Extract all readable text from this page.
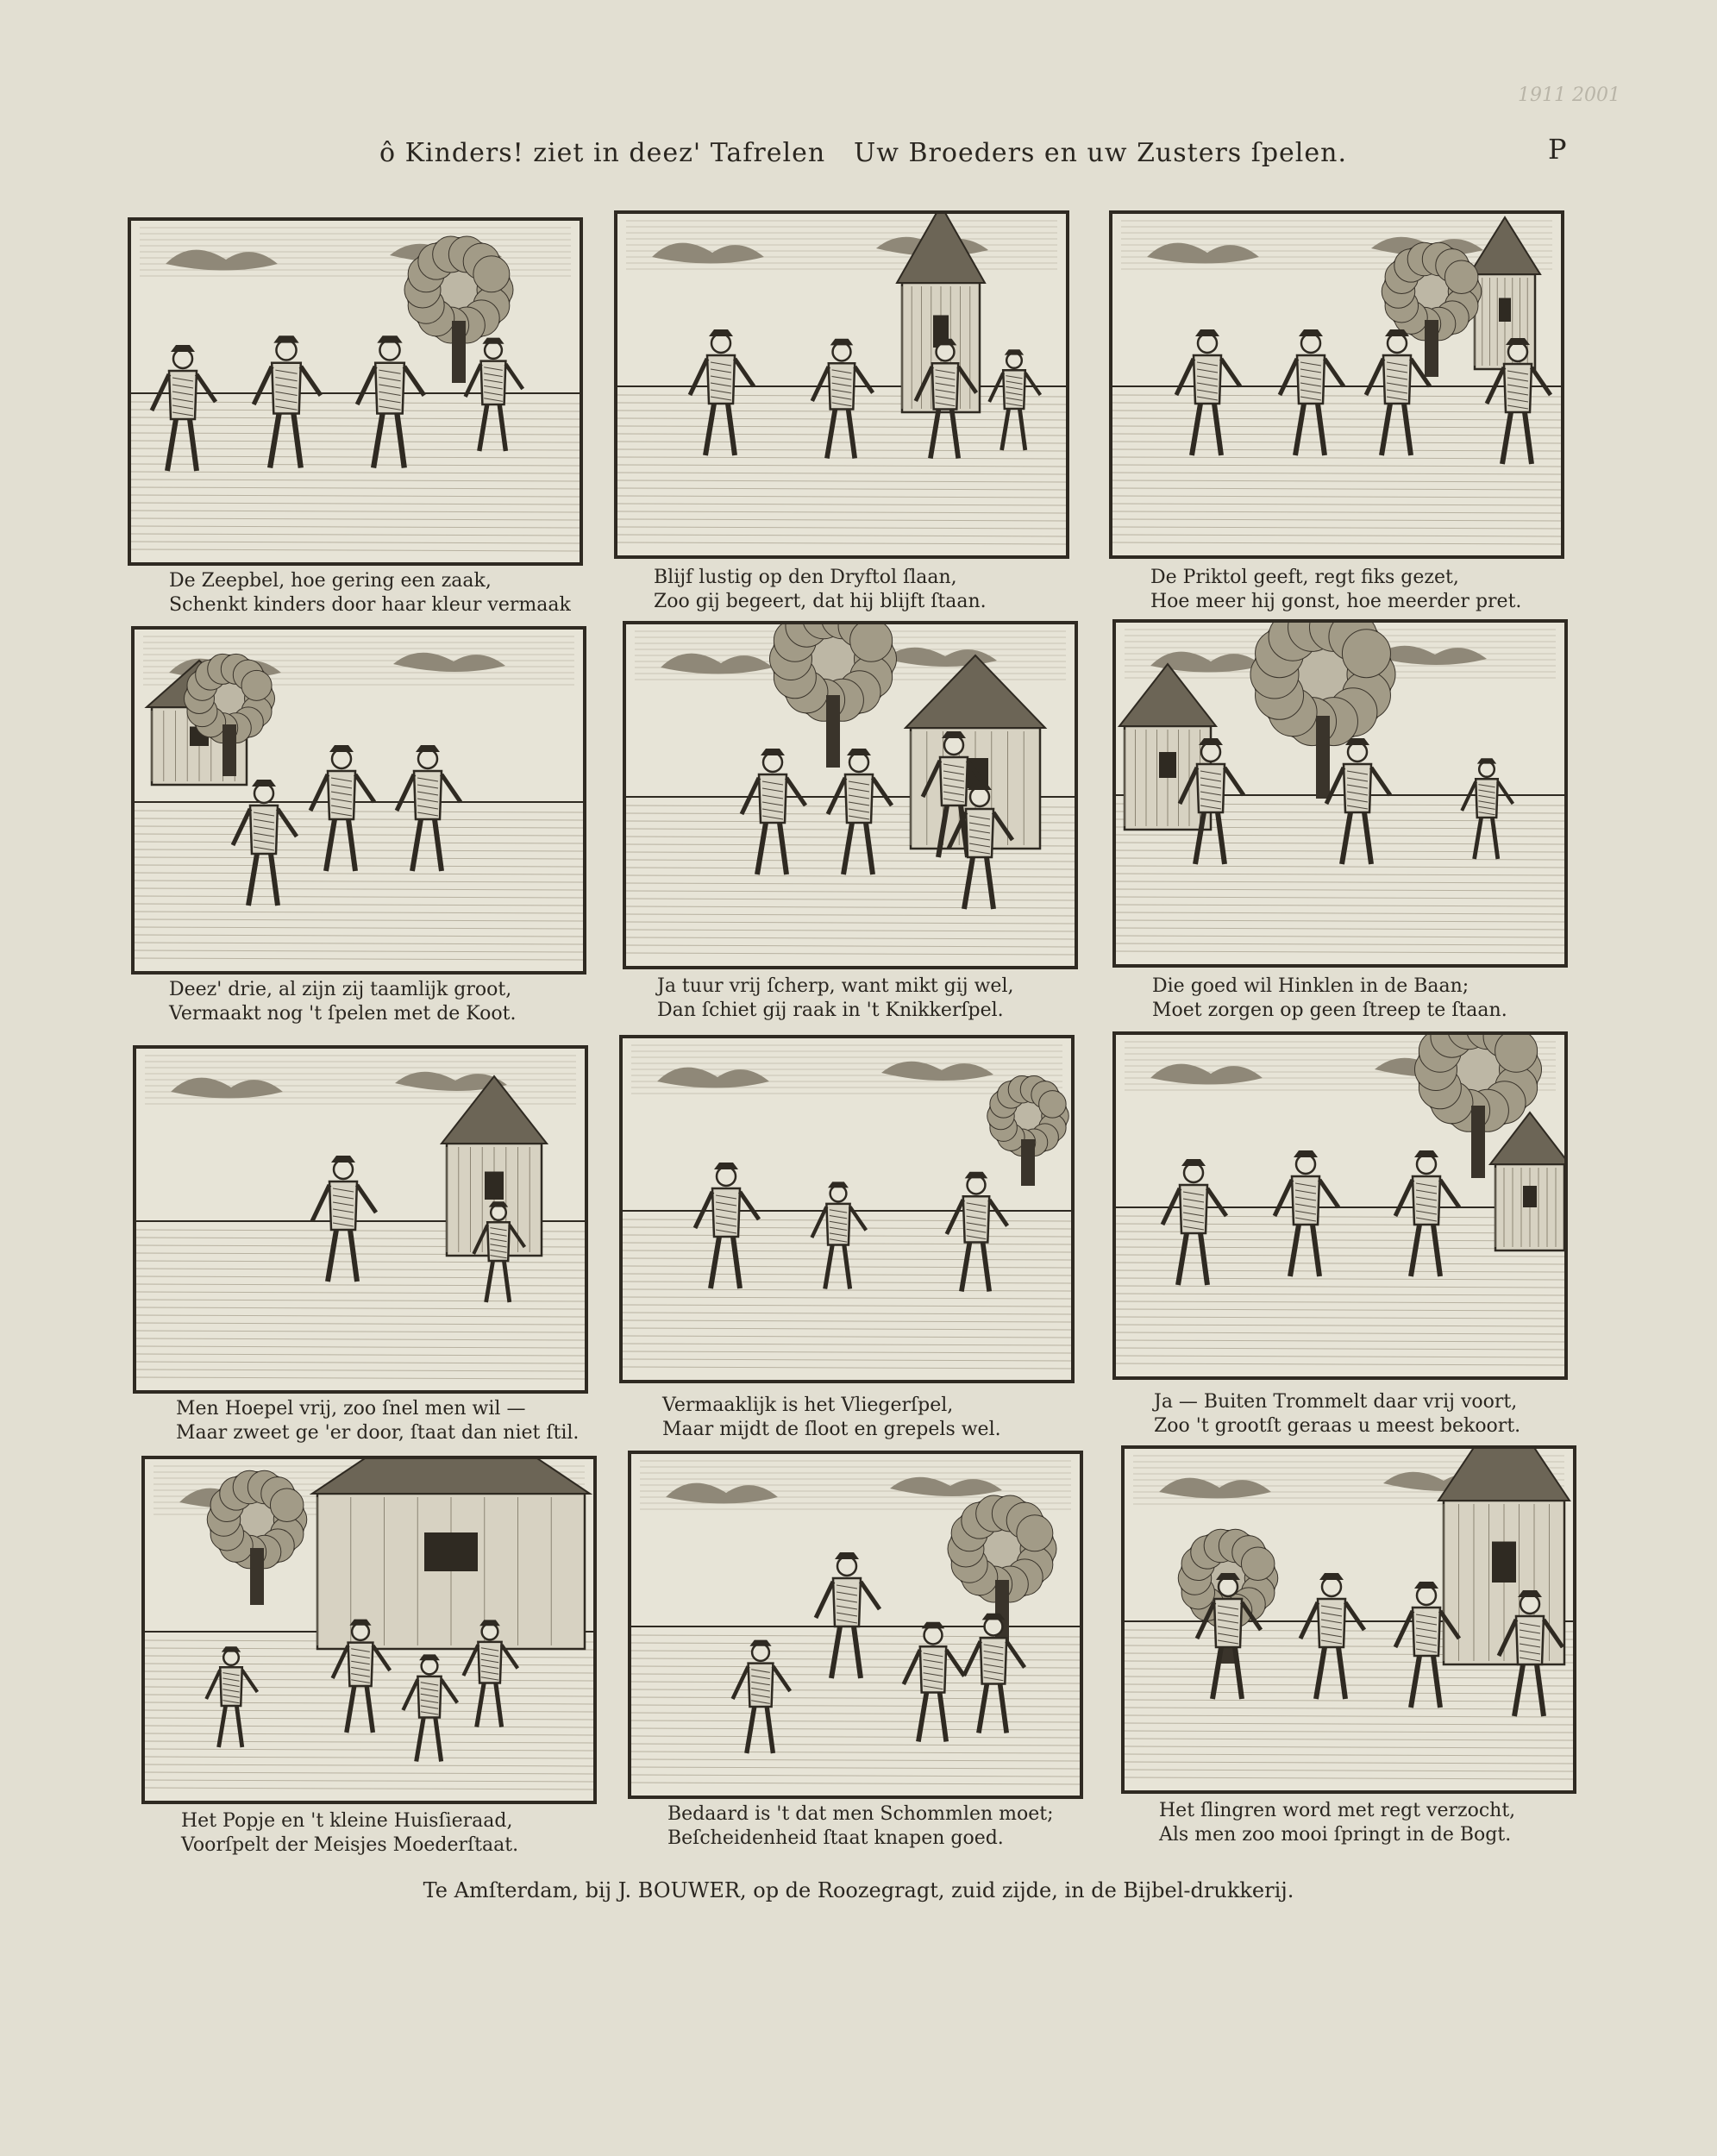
1911 2001
ô Kinders! ziet in deez' Tafrelen Uw Broeders en uw Zusters ſpelen.	P
De Zeepbel, hoe gering een zaak,
Schenkt kinders door haar kleur vermaak
Blijf lustig op den Dryftol ſlaan,
Zoo gij begeert, dat hij blijft ſtaan.
De Priktol geeft, regt fiks gezet,
Hoe meer hij gonst, hoe meerder pret.
Deez' drie, al zijn zij taamlijk groot,
Vermaakt nog 't ſpelen met de Koot.
Ja tuur vrij ſcherp, want mikt gij wel,
Dan ſchiet gij raak in 't Knikkerſpel.
Die goed wil Hinklen in de Baan;
Moet zorgen op geen ſtreep te ſtaan.
Men Hoepel vrij, zoo ſnel men wil —
Maar zweet ge 'er door, ſtaat dan niet ſtil.
Vermaaklijk is het Vliegerſpel,
Maar mijdt de ſloot en grepels wel.
Ja — Buiten Trommelt daar vrij voort,
Zoo 't grootſt geraas u meest bekoort.
Het Popje en 't kleine Huisſieraad,
Voorſpelt der Meisjes Moederſtaat.
Bedaard is 't dat men Schommlen moet;
Beſcheidenheid ſtaat knapen goed.
Het ſlingren word met regt verzocht,
Als men zoo mooi ſpringt in de Bogt.
Te Amſterdam, bij J. BOUWER, op de Roozegragt, zuid zijde, in de Bijbel-drukkerij.
